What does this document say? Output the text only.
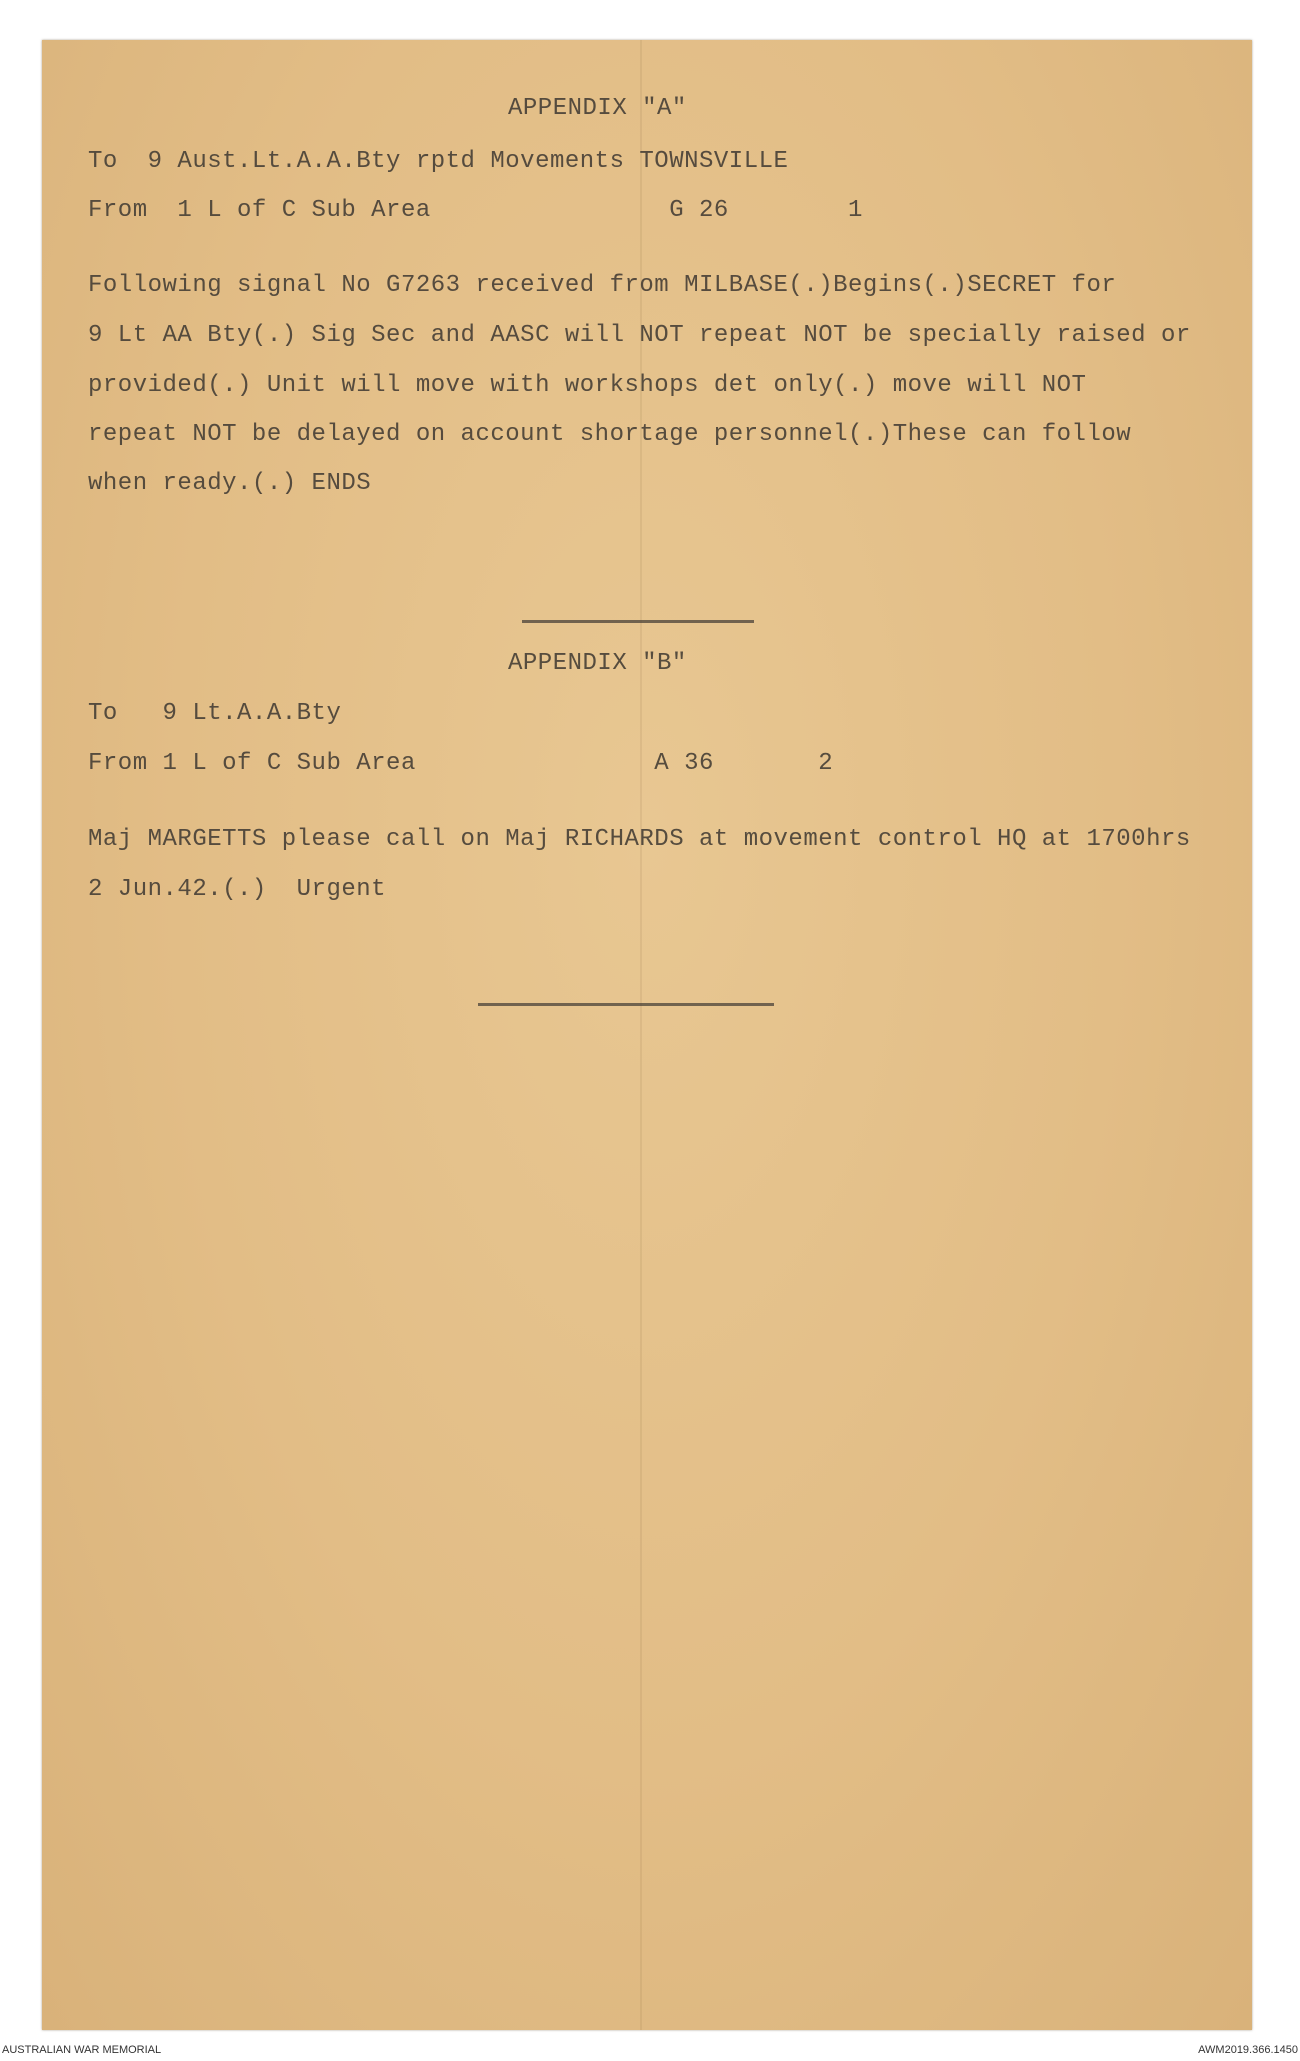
APPENDIX "A"
To  9 Aust.Lt.A.A.Bty rptd Movements TOWNSVILLE
From  1 L of C Sub Area                G 26        1
Following signal No G7263 received from MILBASE(.)Begins(.)SECRET for
9 Lt AA Bty(.) Sig Sec and AASC will NOT repeat NOT be specially raised or
provided(.) Unit will move with workshops det only(.) move will NOT
repeat NOT be delayed on account shortage personnel(.)These can follow
when ready.(.) ENDS
APPENDIX "B"
To   9 Lt.A.A.Bty
From 1 L of C Sub Area                A 36       2
Maj MARGETTS please call on Maj RICHARDS at movement control HQ at 1700hrs
2 Jun.42.(.)  Urgent
AUSTRALIAN WAR MEMORIAL	AWM2019.366.1450
